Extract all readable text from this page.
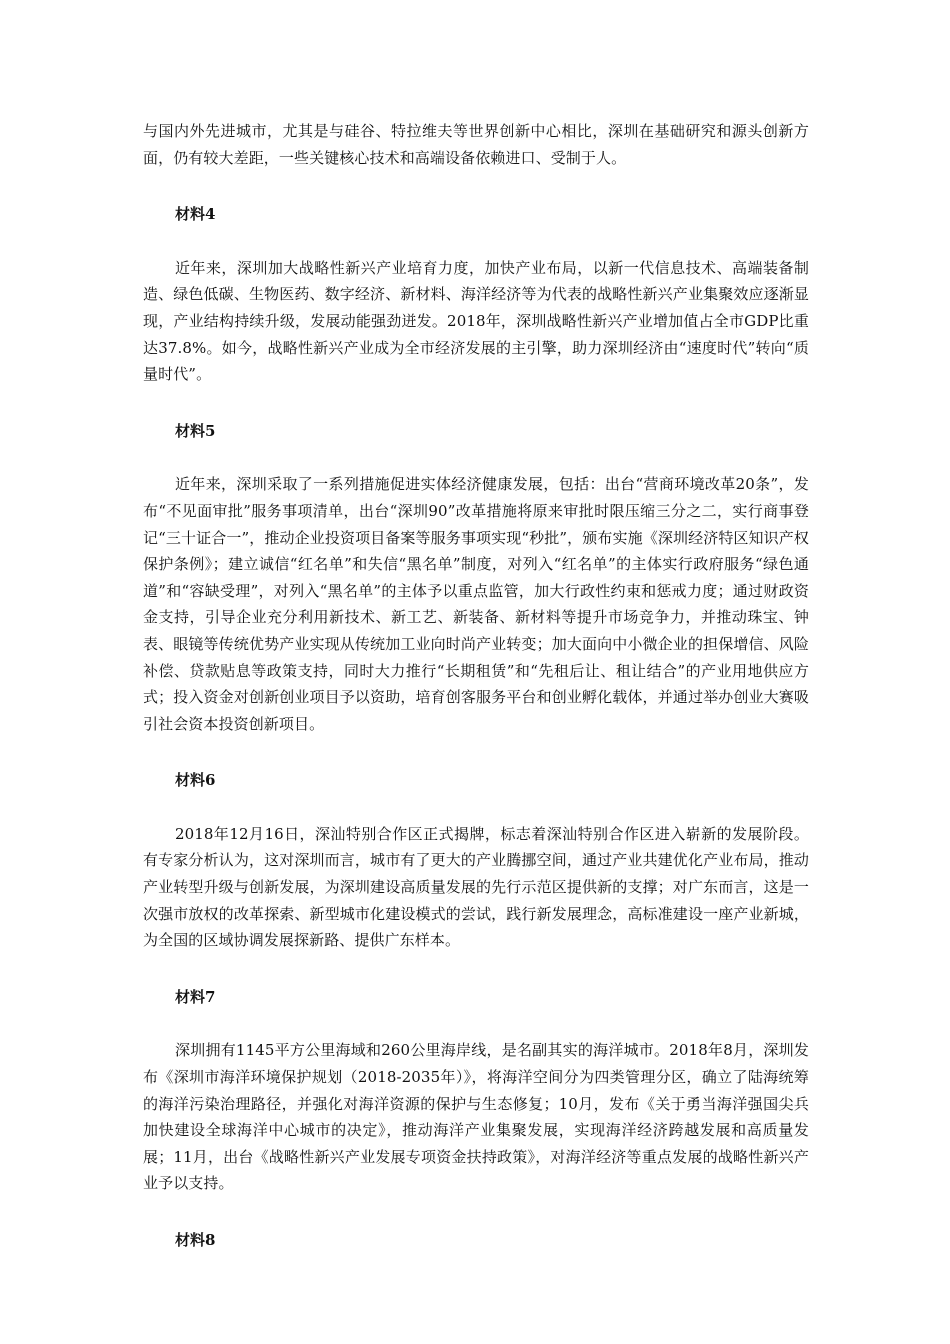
与国内外先进城市，尤其是与硅谷、特拉维夫等世界创新中心相比，深圳在基础研究和源头创新方面，仍有较大差距，一些关键核心技术和高端设备依赖进口、受制于人。

材料4

近年来，深圳加大战略性新兴产业培育力度，加快产业布局，以新一代信息技术、高端装备制造、绿色低碳、生物医药、数字经济、新材料、海洋经济等为代表的战略性新兴产业集聚效应逐渐显现，产业结构持续升级，发展动能强劲迸发。2018年，深圳战略性新兴产业增加值占全市GDP比重达37.8%。如今，战略性新兴产业成为全市经济发展的主引擎，助力深圳经济由“速度时代”转向“质量时代”。

材料5

近年来，深圳采取了一系列措施促进实体经济健康发展，包括：出台“营商环境改革20条”，发布“不见面审批”服务事项清单，出台“深圳90”改革措施将原来审批时限压缩三分之二，实行商事登记“三十证合一”，推动企业投资项目备案等服务事项实现“秒批”，颁布实施《深圳经济特区知识产权保护条例》；建立诚信“红名单”和失信“黑名单”制度，对列入“红名单”的主体实行政府服务“绿色通道”和“容缺受理”，对列入“黑名单”的主体予以重点监管，加大行政性约束和惩戒力度；通过财政资金支持，引导企业充分利用新技术、新工艺、新装备、新材料等提升市场竞争力，并推动珠宝、钟表、眼镜等传统优势产业实现从传统加工业向时尚产业转变；加大面向中小微企业的担保增信、风险补偿、贷款贴息等政策支持，同时大力推行“长期租赁”和“先租后让、租让结合”的产业用地供应方式；投入资金对创新创业项目予以资助，培育创客服务平台和创业孵化载体，并通过举办创业大赛吸引社会资本投资创新项目。

材料6

2018年12月16日，深汕特别合作区正式揭牌，标志着深汕特别合作区进入崭新的发展阶段。有专家分析认为，这对深圳而言，城市有了更大的产业腾挪空间，通过产业共建优化产业布局，推动产业转型升级与创新发展，为深圳建设高质量发展的先行示范区提供新的支撑；对广东而言，这是一次强市放权的改革探索、新型城市化建设模式的尝试，践行新发展理念，高标准建设一座产业新城，为全国的区域协调发展探新路、提供广东样本。

材料7

深圳拥有1145平方公里海域和260公里海岸线，是名副其实的海洋城市。2018年8月，深圳发布《深圳市海洋环境保护规划（2018-2035年）》，将海洋空间分为四类管理分区，确立了陆海统筹的海洋污染治理路径，并强化对海洋资源的保护与生态修复；10月，发布《关于勇当海洋强国尖兵 加快建设全球海洋中心城市的决定》，推动海洋产业集聚发展，实现海洋经济跨越发展和高质量发展；11月，出台《战略性新兴产业发展专项资金扶持政策》，对海洋经济等重点发展的战略性新兴产业予以支持。

材料8
